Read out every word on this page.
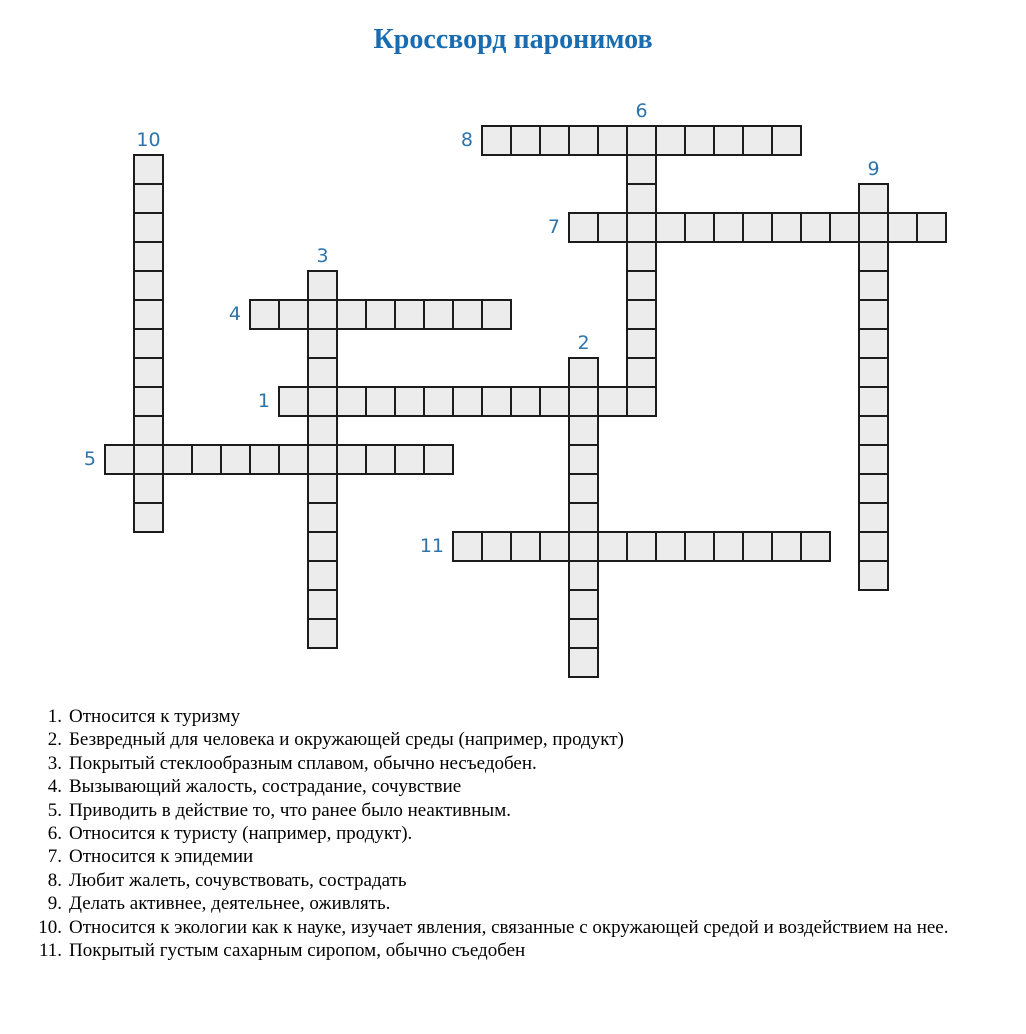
Кроссворд паронимов
8
6
10
9
7
3
4
2
1
5
11
1. Относится к туризму
2. Безвредный для человека и окружающей среды (например, продукт)
3. Покрытый стеклообразным сплавом, обычно несъедобен.
4. Вызывающий жалость, сострадание, сочувствие
5. Приводить в действие то, что ранее было неактивным.
6. Относится к туристу (например, продукт).
7. Относится к эпидемии
8. Любит жалеть, сочувствовать, сострадать
9. Делать активнее, деятельнее, оживлять.
10. Относится к экологии как к науке, изучает явления, связанные с окружающей средой и воздействием на нее.
11. Покрытый густым сахарным сиропом, обычно съедобен
